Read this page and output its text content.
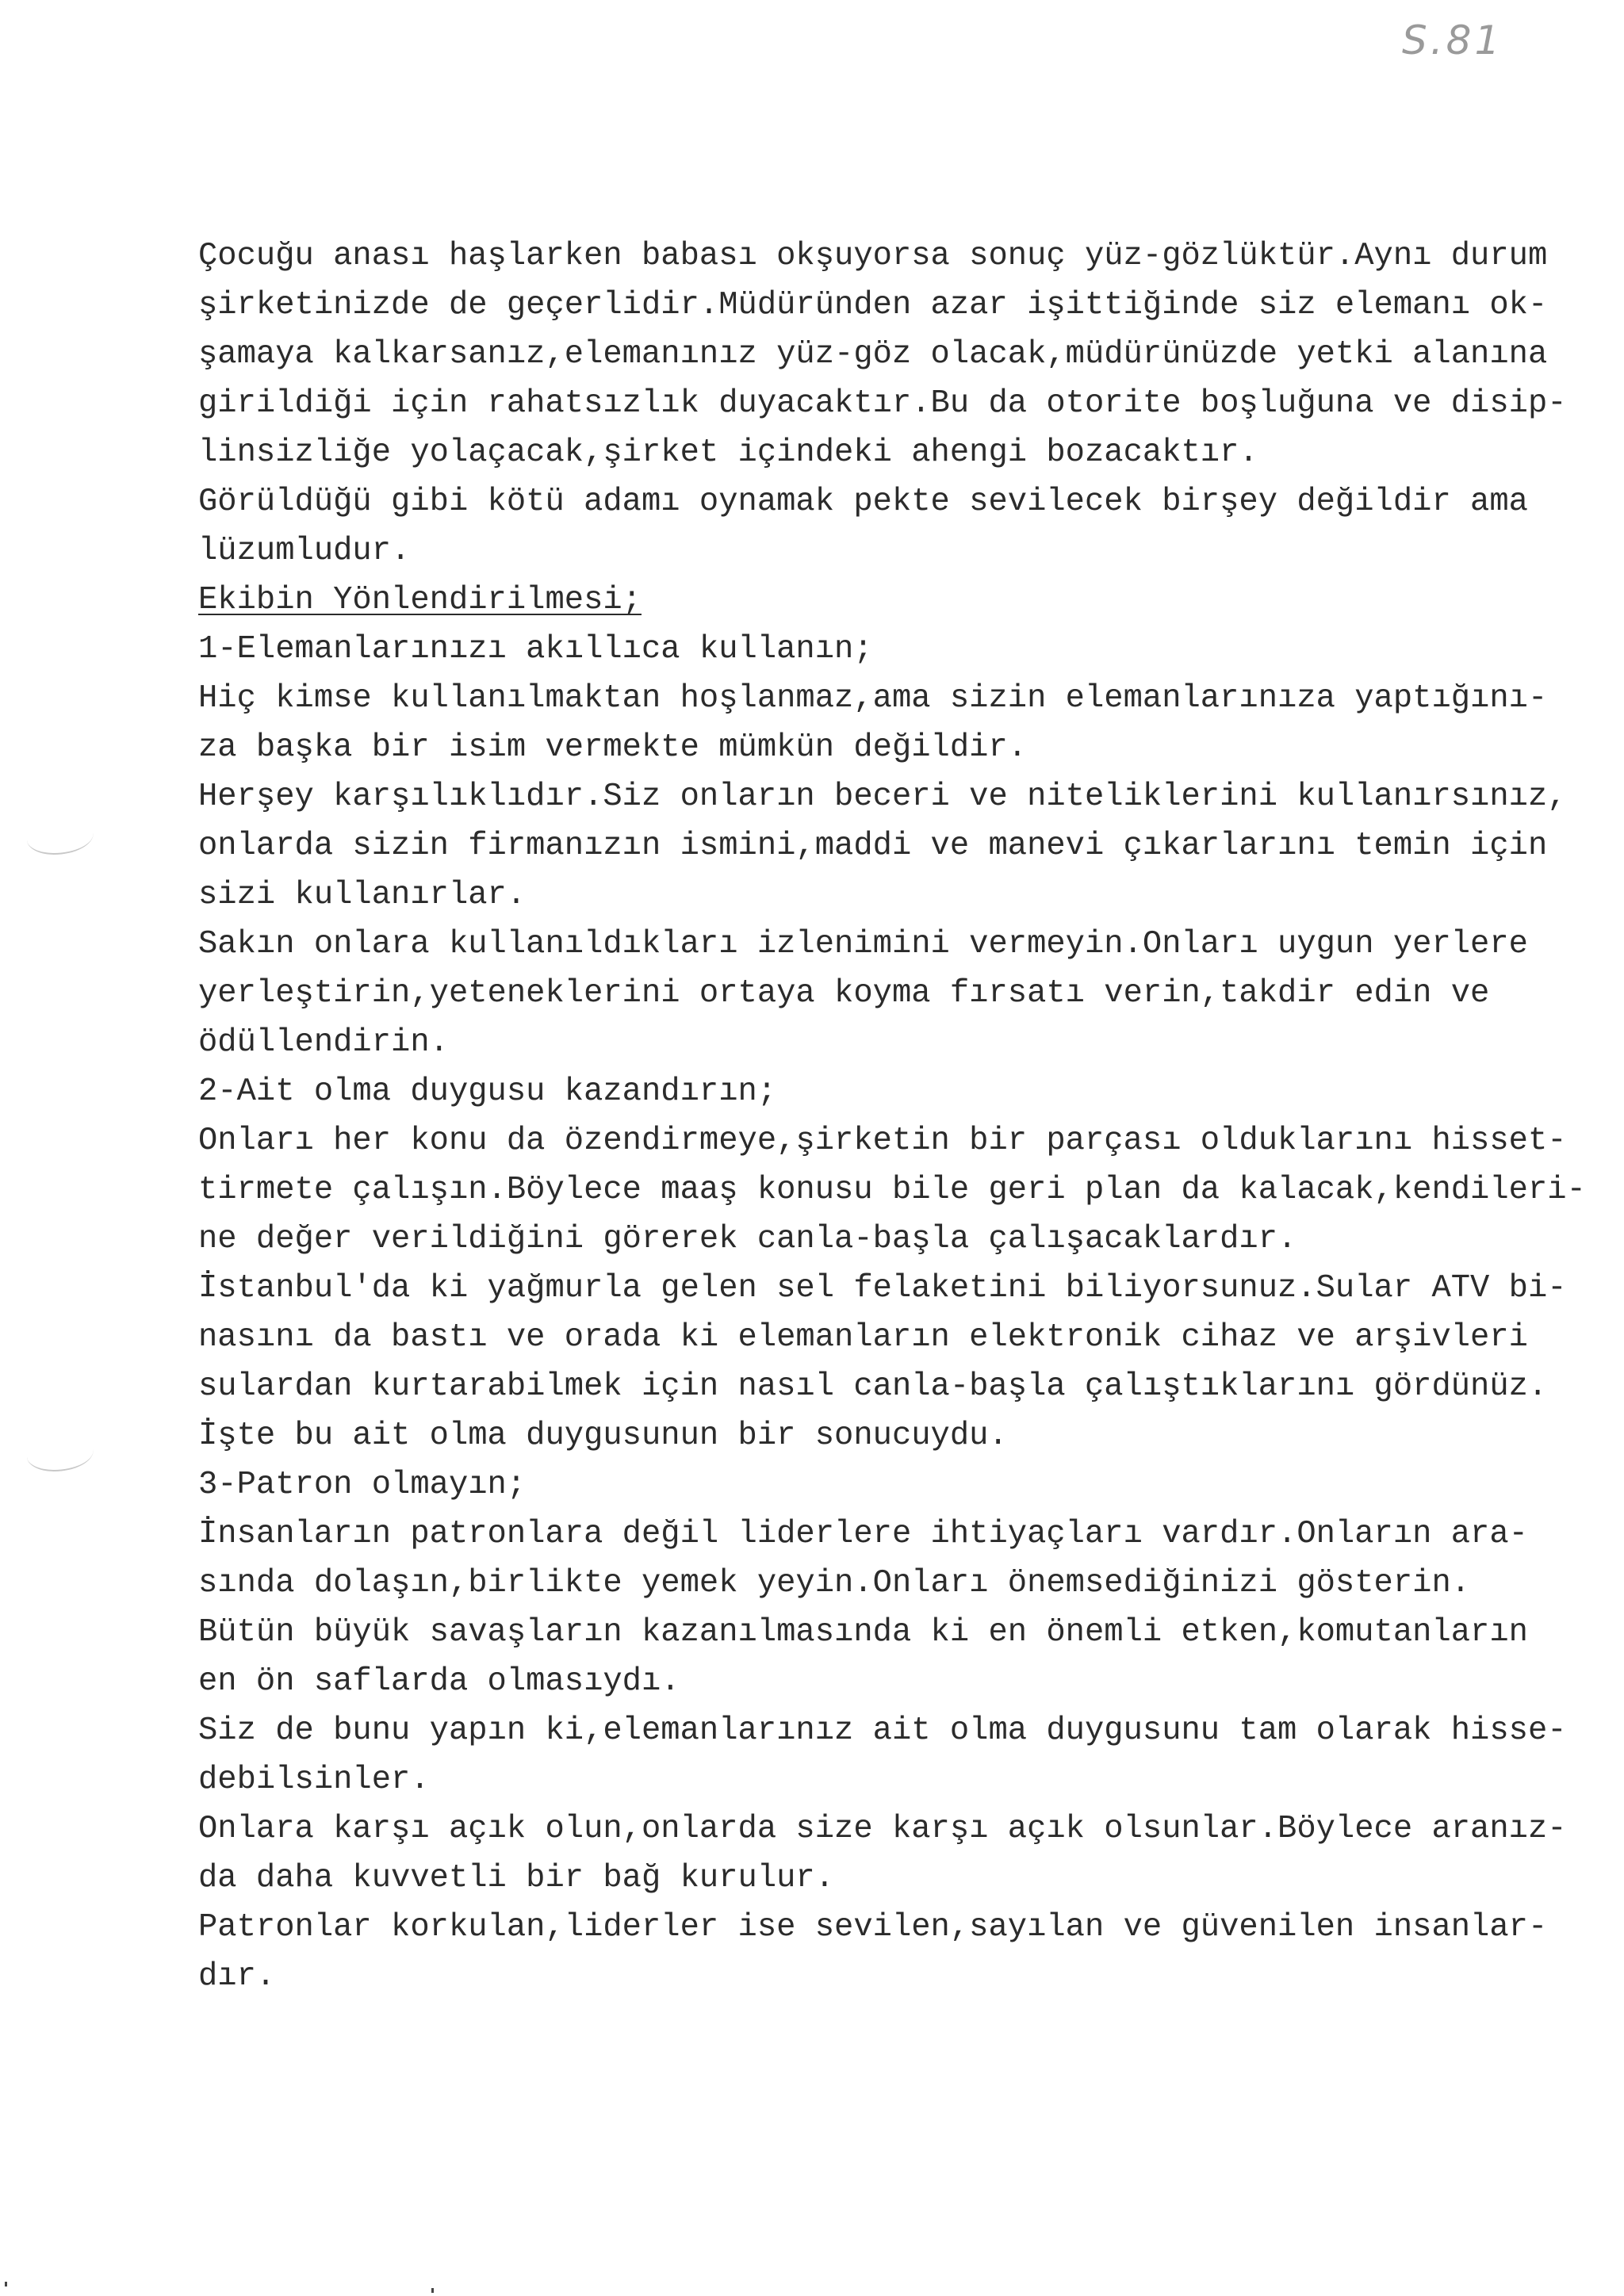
S.81
Çocuğu anası haşlarken babası okşuyorsa sonuç yüz-gözlüktür.Aynı durum
şirketinizde de geçerlidir.Müdüründen azar işittiğinde siz elemanı ok-
şamaya kalkarsanız,elemanınız yüz-göz olacak,müdürünüzde yetki alanına
girildiği için rahatsızlık duyacaktır.Bu da otorite boşluğuna ve disip-
linsizliğe yolaçacak,şirket içindeki ahengi bozacaktır.
Görüldüğü gibi kötü adamı oynamak pekte sevilecek birşey değildir ama
lüzumludur.
Ekibin Yönlendirilmesi;
1-Elemanlarınızı akıllıca kullanın;
Hiç kimse kullanılmaktan hoşlanmaz,ama sizin elemanlarınıza yaptığını-
za başka bir isim vermekte mümkün değildir.
Herşey karşılıklıdır.Siz onların beceri ve niteliklerini kullanırsınız,
onlarda sizin firmanızın ismini,maddi ve manevi çıkarlarını temin için
sizi kullanırlar.
Sakın onlara kullanıldıkları izlenimini vermeyin.Onları uygun yerlere
yerleştirin,yeteneklerini ortaya koyma fırsatı verin,takdir edin ve
ödüllendirin.
2-Ait olma duygusu kazandırın;
Onları her konu da özendirmeye,şirketin bir parçası olduklarını hisset-
tirmete çalışın.Böylece maaş konusu bile geri plan da kalacak,kendileri-
ne değer verildiğini görerek canla-başla çalışacaklardır.
İstanbul'da ki yağmurla gelen sel felaketini biliyorsunuz.Sular ATV bi-
nasını da bastı ve orada ki elemanların elektronik cihaz ve arşivleri
sulardan kurtarabilmek için nasıl canla-başla çalıştıklarını gördünüz.
İşte bu ait olma duygusunun bir sonucuydu.
3-Patron olmayın;
İnsanların patronlara değil liderlere ihtiyaçları vardır.Onların ara-
sında dolaşın,birlikte yemek yeyin.Onları önemsediğinizi gösterin.
Bütün büyük savaşların kazanılmasında ki en önemli etken,komutanların
en ön saflarda olmasıydı.
Siz de bunu yapın ki,elemanlarınız ait olma duygusunu tam olarak hisse-
debilsinler.
Onlara karşı açık olun,onlarda size karşı açık olsunlar.Böylece aranız-
da daha kuvvetli bir bağ kurulur.
Patronlar korkulan,liderler ise sevilen,sayılan ve güvenilen insanlar-
dır.
